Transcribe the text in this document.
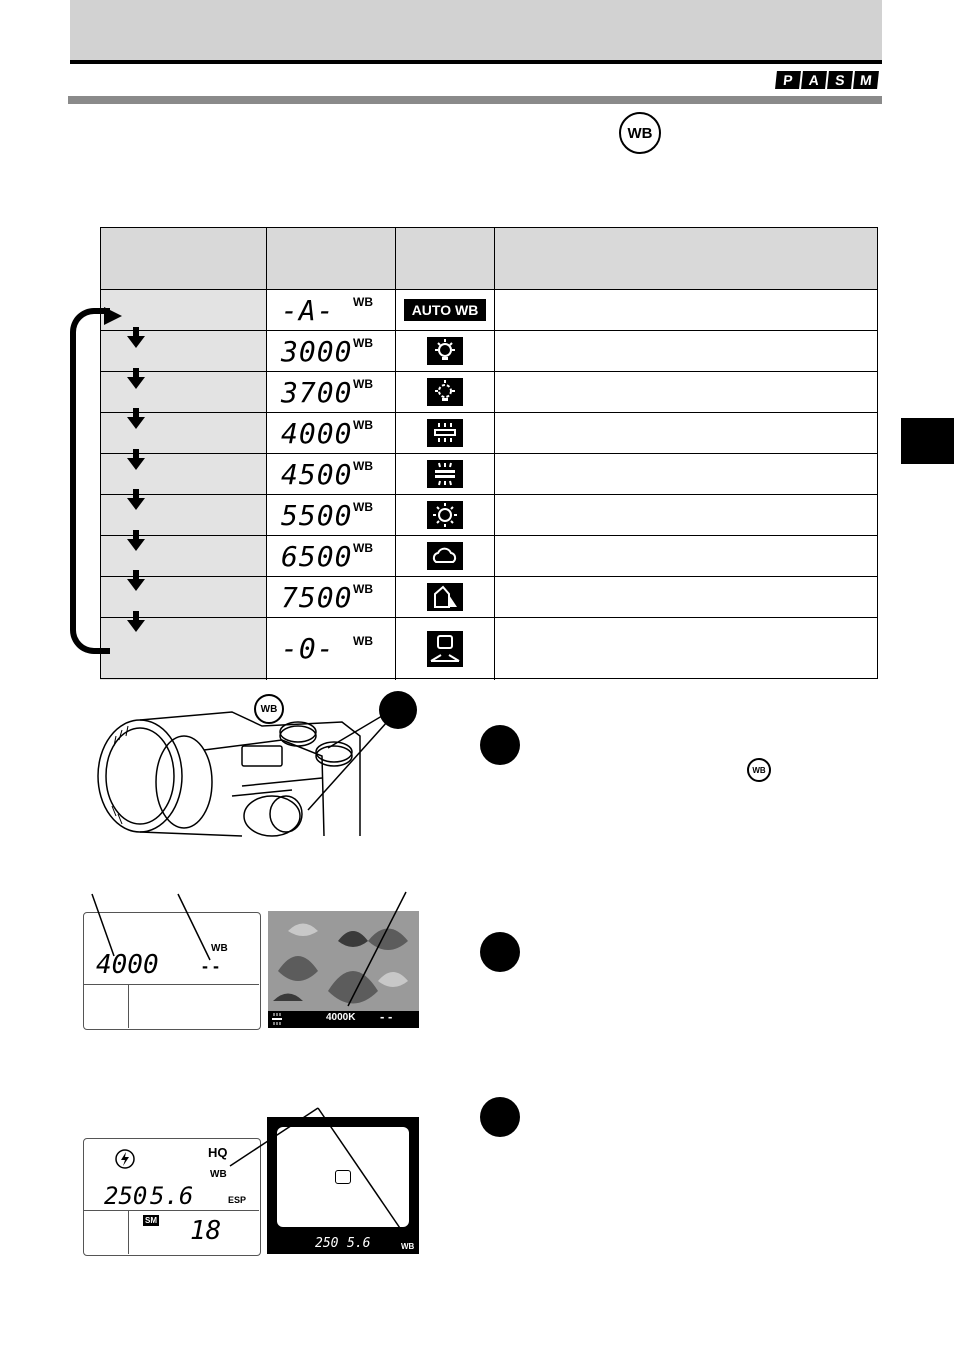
P	A	S M
WB

	-A- WB	AUTO WB	

	3000 WB

	3700 WB

	4000 WB

	4500 WB

	5500 WB

	6500 WB

	7500 WB

	-0- WB

WB
WB
4000
WB
- -
4000K - -
HQ
WB
250 5.6	ESP
SM 18	250 5.6	WB
